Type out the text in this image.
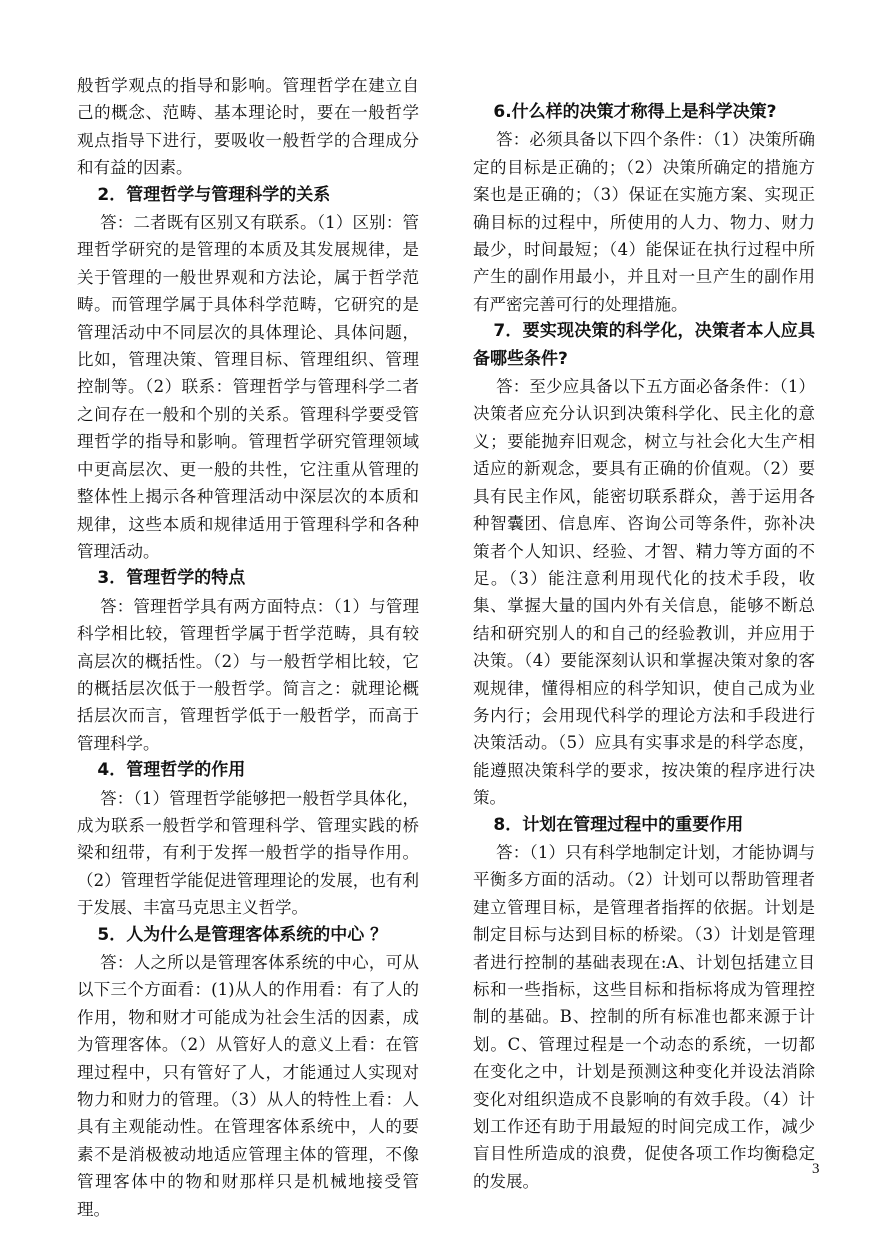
般哲学观点的指导和影响。管理哲学在建立自己的概念、范畴、基本理论时，要在一般哲学观点指导下进行，要吸收一般哲学的合理成分和有益的因素。

2．管理哲学与管理科学的关系

答：二者既有区别又有联系。（1）区别：管理哲学研究的是管理的本质及其发展规律，是关于管理的一般世界观和方法论，属于哲学范畴。而管理学属于具体科学范畴，它研究的是管理活动中不同层次的具体理论、具体问题，比如，管理决策、管理目标、管理组织、管理控制等。（2）联系：管理哲学与管理科学二者之间存在一般和个别的关系。管理科学要受管理哲学的指导和影响。管理哲学研究管理领域中更高层次、更一般的共性，它注重从管理的整体性上揭示各种管理活动中深层次的本质和规律，这些本质和规律适用于管理科学和各种管理活动。

3．管理哲学的特点

答：管理哲学具有两方面特点：（1）与管理科学相比较，管理哲学属于哲学范畴，具有较高层次的概括性。（2）与一般哲学相比较，它的概括层次低于一般哲学。简言之：就理论概括层次而言，管理哲学低于一般哲学，而高于管理科学。

4．管理哲学的作用

答：（1）管理哲学能够把一般哲学具体化，成为联系一般哲学和管理科学、管理实践的桥梁和纽带，有利于发挥一般哲学的指导作用。（2）管理哲学能促进管理理论的发展，也有利于发展、丰富马克思主义哲学。

5．人为什么是管理客体系统的中心 ？

答：人之所以是管理客体系统的中心，可从以下三个方面看：(1)从人的作用看：有了人的作用，物和财才可能成为社会生活的因素，成为管理客体。（2）从管好人的意义上看：在管理过程中，只有管好了人，才能通过人实现对物力和财力的管理。（3）从人的特性上看：人具有主观能动性。在管理客体系统中，人的要素不是消极被动地适应管理主体的管理，不像管理客体中的物和财那样只是机械地接受管理。

6.什么样的决策才称得上是科学决策?

答：必须具备以下四个条件：（1）决策所确定的目标是正确的；（2）决策所确定的措施方案也是正确的；（3）保证在实施方案、实现正确目标的过程中，所使用的人力、物力、财力最少，时间最短；（4）能保证在执行过程中所产生的副作用最小，并且对一旦产生的副作用有严密完善可行的处理措施。

7．要实现决策的科学化，决策者本人应具备哪些条件?

答：至少应具备以下五方面必备条件：（1）决策者应充分认识到决策科学化、民主化的意义；要能抛弃旧观念，树立与社会化大生产相适应的新观念，要具有正确的价值观。（2）要具有民主作风，能密切联系群众，善于运用各种智囊团、信息库、咨询公司等条件，弥补决策者个人知识、经验、才智、精力等方面的不足。（3）能注意利用现代化的技术手段，收集、掌握大量的国内外有关信息，能够不断总结和研究别人的和自己的经验教训，并应用于决策。（4）要能深刻认识和掌握决策对象的客观规律，懂得相应的科学知识，使自己成为业务内行；会用现代科学的理论方法和手段进行决策活动。（5）应具有实事求是的科学态度，能遵照决策科学的要求，按决策的程序进行决策。

8．计划在管理过程中的重要作用

答：（1）只有科学地制定计划，才能协调与平衡多方面的活动。（2）计划可以帮助管理者建立管理目标，是管理者指挥的依据。计划是制定目标与达到目标的桥梁。（3）计划是管理者进行控制的基础表现在:A、计划包括建立目标和一些指标，这些目标和指标将成为管理控制的基础。B、控制的所有标准也都来源于计划。C、管理过程是一个动态的系统，一切都在变化之中，计划是预测这种变化并设法消除变化对组织造成不良影响的有效手段。（4）计划工作还有助于用最短的时间完成工作，减少盲目性所造成的浪费，促使各项工作均衡稳定的发展。

3
